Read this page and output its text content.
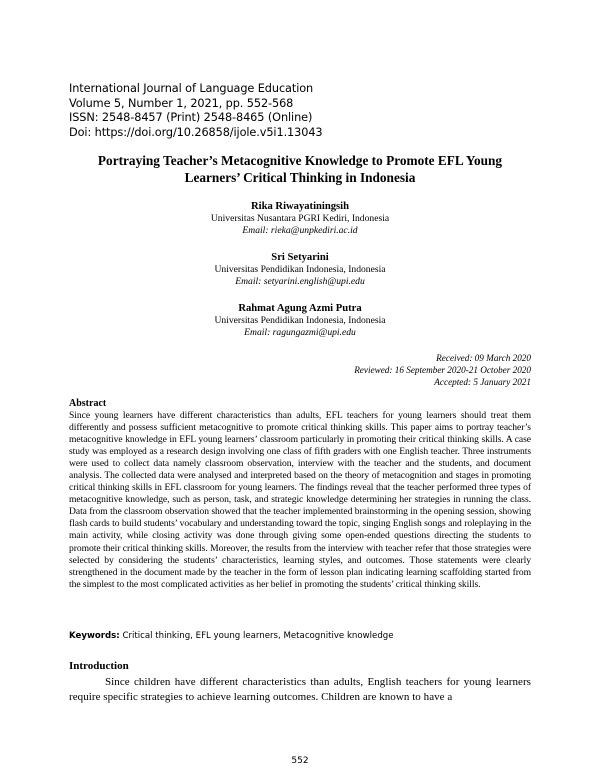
International Journal of Language Education
Volume 5, Number 1, 2021, pp. 552-568
ISSN: 2548-8457 (Print) 2548-8465 (Online)
Doi: https://doi.org/10.26858/ijole.v5i1.13043
Portraying Teacher’s Metacognitive Knowledge to Promote EFL Young Learners’ Critical Thinking in Indonesia
Rika Riwayatiningsih
Universitas Nusantara PGRI Kediri, Indonesia
Email: rieka@unpkediri.ac.id
Sri Setyarini
Universitas Pendidikan Indonesia, Indonesia
Email: setyarini.english@upi.edu
Rahmat Agung Azmi Putra
Universitas Pendidikan Indonesia, Indonesia
Email: ragungazmi@upi.edu
Received: 09 March 2020
Reviewed: 16 September 2020-21 October 2020
Accepted: 5 January 2021
Abstract
Since young learners have different characteristics than adults, EFL teachers for young learners should treat them differently and possess sufficient metacognitive to promote critical thinking skills. This paper aims to portray teacher’s metacognitive knowledge in EFL young learners’ classroom particularly in promoting their critical thinking skills. A case study was employed as a research design involving one class of fifth graders with one English teacher. Three instruments were used to collect data namely classroom observation, interview with the teacher and the students, and document analysis. The collected data were analysed and interpreted based on the theory of metacognition and stages in promoting critical thinking skills in EFL classroom for young learners. The findings reveal that the teacher performed three types of metacognitive knowledge, such as person, task, and strategic knowledge determining her strategies in running the class. Data from the classroom observation showed that the teacher implemented brainstorming in the opening session, showing flash cards to build students’ vocabulary and understanding toward the topic, singing English songs and roleplaying in the main activity, while closing activity was done through giving some open-ended questions directing the students to promote their critical thinking skills. Moreover, the results from the interview with teacher refer that those strategies were selected by considering the students’ characteristics, learning styles, and outcomes. Those statements were clearly strengthened in the document made by the teacher in the form of lesson plan indicating learning scaffolding started from the simplest to the most complicated activities as her belief in promoting the students’ critical thinking skills.
Keywords: Critical thinking, EFL young learners, Metacognitive knowledge
Introduction
Since children have different characteristics than adults, English teachers for young learners require specific strategies to achieve learning outcomes. Children are known to have a
552
